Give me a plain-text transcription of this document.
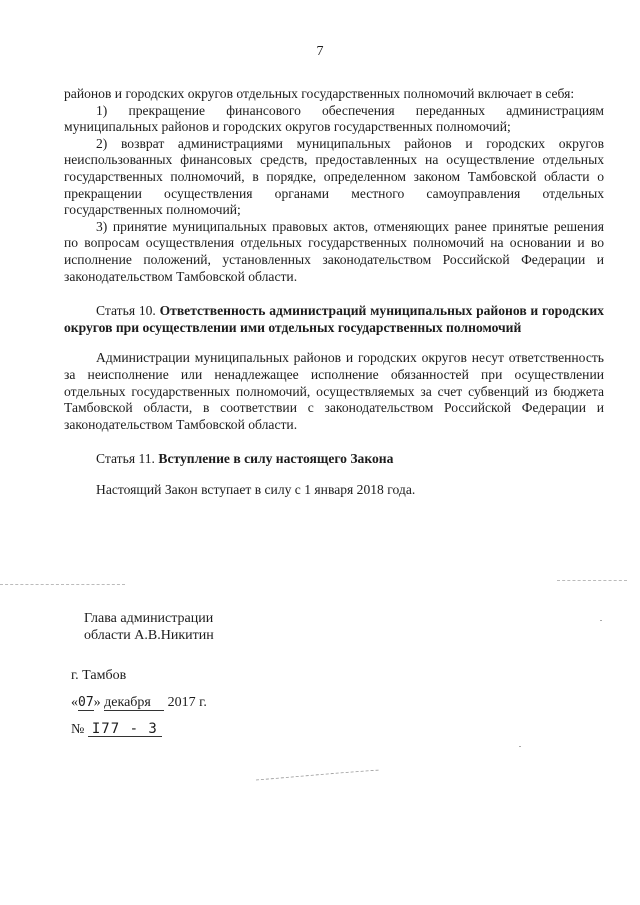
7

районов и городских округов отдельных государственных полномочий включает в себя:

1) прекращение финансового обеспечения переданных администрациям муниципальных районов и городских округов государственных полномочий;

2) возврат администрациями муниципальных районов и городских округов неиспользованных финансовых средств, предоставленных на осуществление отдельных государственных полномочий, в порядке, определенном законом Тамбовской области о прекращении осуществления органами местного самоуправления отдельных государственных полномочий;

3) принятие муниципальных правовых актов, отменяющих ранее принятые решения по вопросам осуществления отдельных государственных полномочий на основании и во исполнение положений, установленных законодательством Российской Федерации и законодательством Тамбовской области.

Статья 10. Ответственность администраций муниципальных районов и городских округов при осуществлении ими отдельных государственных полномочий

Администрации муниципальных районов и городских округов несут ответственность за неисполнение или ненадлежащее исполнение обязанностей при осуществлении отдельных государственных полномочий, осуществляемых за счет субвенций из бюджета Тамбовской области, в соответствии с законодательством Российской Федерации и законодательством Тамбовской области.

Статья 11. Вступление в силу настоящего Закона

Настоящий Закон вступает в силу с 1 января 2018 года.

Глава администрации
области А.В.Никитин
г. Тамбов
«07» декабря 2017 г.
№ I77 - З
